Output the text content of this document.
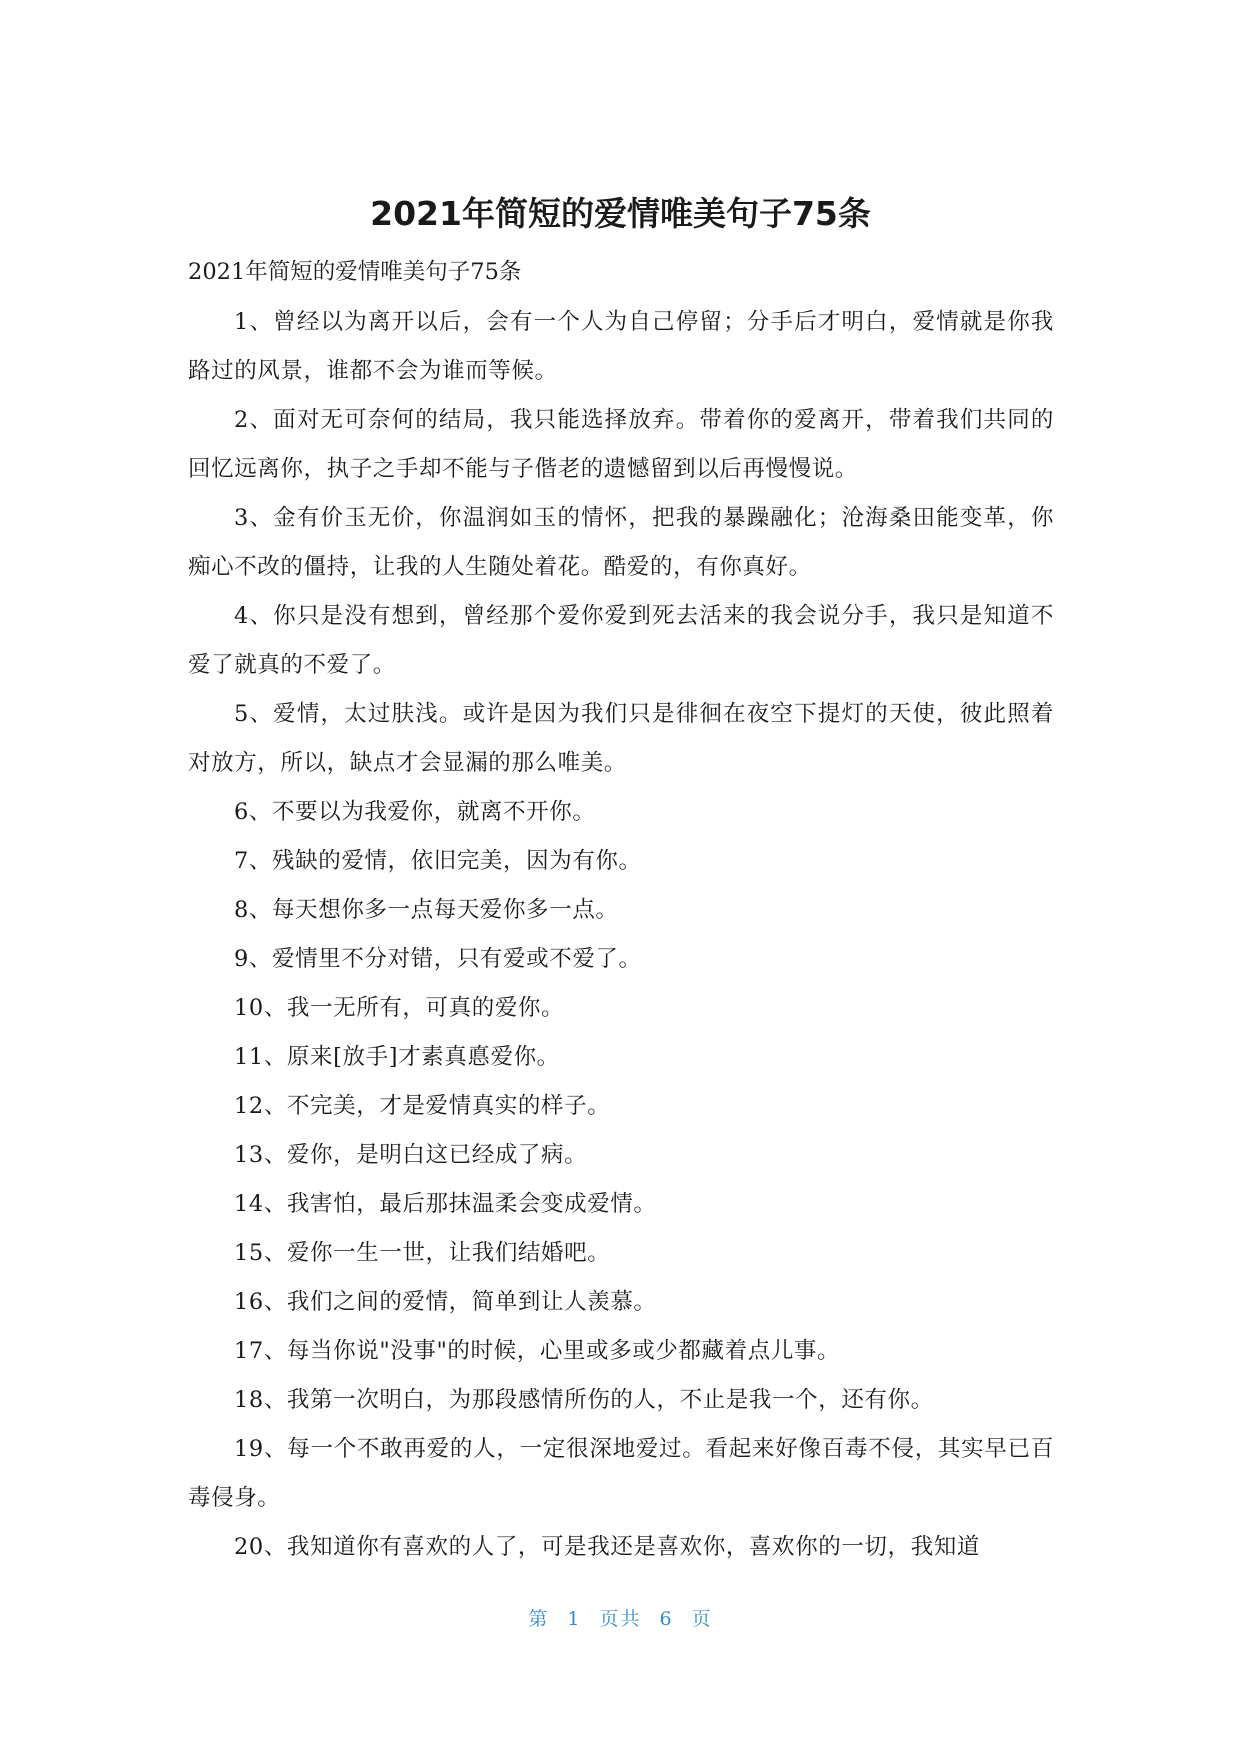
2021年简短的爱情唯美句子75条

2021年简短的爱情唯美句子75条

1、曾经以为离开以后，会有一个人为自己停留；分手后才明白，爱情就是你我路过的风景，谁都不会为谁而等候。

2、面对无可奈何的结局，我只能选择放弃。带着你的爱离开，带着我们共同的回忆远离你，执子之手却不能与子偕老的遗憾留到以后再慢慢说。

3、金有价玉无价，你温润如玉的情怀，把我的暴躁融化；沧海桑田能变革，你痴心不改的僵持，让我的人生随处着花。酷爱的，有你真好。

4、你只是没有想到，曾经那个爱你爱到死去活来的我会说分手，我只是知道不爱了就真的不爱了。

5、爱情，太过肤浅。或许是因为我们只是徘徊在夜空下提灯的天使，彼此照着对放方，所以，缺点才会显漏的那么唯美。

6、不要以为我爱你，就离不开你。

7、残缺的爱情，依旧完美，因为有你。

8、每天想你多一点每天爱你多一点。

9、爱情里不分对错，只有爱或不爱了。

10、我一无所有，可真的爱你。

11、原来[放手]才素真悳爱你。

12、不完美，才是爱情真实的样子。

13、爱你，是明白这已经成了病。

14、我害怕，最后那抹温柔会变成爱情。

15、爱你一生一世，让我们结婚吧。

16、我们之间的爱情，简单到让人羡慕。

17、每当你说"没事"的时候，心里或多或少都藏着点儿事。

18、我第一次明白，为那段感情所伤的人，不止是我一个，还有你。

19、每一个不敢再爱的人，一定很深地爱过。看起来好像百毒不侵，其实早已百毒侵身。

20、我知道你有喜欢的人了，可是我还是喜欢你，喜欢你的一切，我知道

第 1 页共 6 页
